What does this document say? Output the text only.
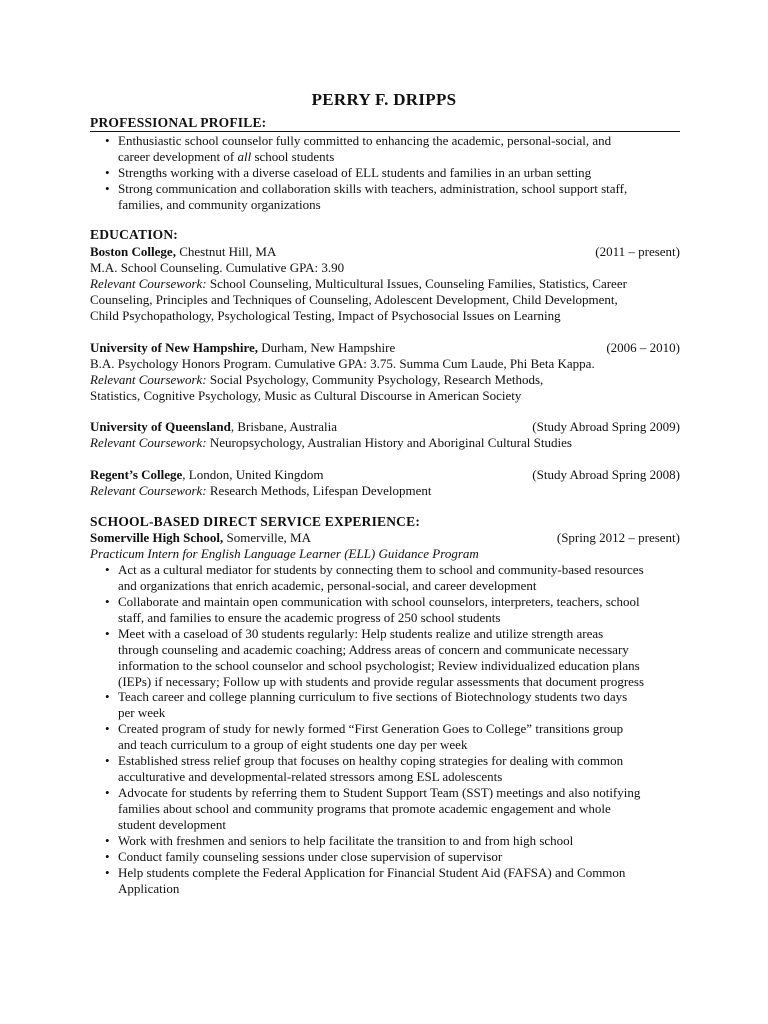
PERRY F. DRIPPS
PROFESSIONAL PROFILE:
• Enthusiastic school counselor fully committed to enhancing the academic, personal-social, and
career development of all school students
• Strengths working with a diverse caseload of ELL students and families in an urban setting
• Strong communication and collaboration skills with teachers, administration, school support staff,
families, and community organizations
EDUCATION:
Boston College, Chestnut Hill, MA	(2011 – present)
M.A. School Counseling. Cumulative GPA: 3.90
Relevant Coursework: School Counseling, Multicultural Issues, Counseling Families, Statistics, Career
Counseling, Principles and Techniques of Counseling, Adolescent Development, Child Development,
Child Psychopathology, Psychological Testing, Impact of Psychosocial Issues on Learning
University of New Hampshire, Durham, New Hampshire	(2006 – 2010)
B.A. Psychology Honors Program. Cumulative GPA: 3.75. Summa Cum Laude, Phi Beta Kappa.
Relevant Coursework: Social Psychology, Community Psychology, Research Methods,
Statistics, Cognitive Psychology, Music as Cultural Discourse in American Society
University of Queensland, Brisbane, Australia	(Study Abroad Spring 2009)
Relevant Coursework: Neuropsychology, Australian History and Aboriginal Cultural Studies
Regent’s College, London, United Kingdom	(Study Abroad Spring 2008)
Relevant Coursework: Research Methods, Lifespan Development
SCHOOL-BASED DIRECT SERVICE EXPERIENCE:
Somerville High School, Somerville, MA	(Spring 2012 – present)
Practicum Intern for English Language Learner (ELL) Guidance Program
• Act as a cultural mediator for students by connecting them to school and community-based resources
and organizations that enrich academic, personal-social, and career development
• Collaborate and maintain open communication with school counselors, interpreters, teachers, school
staff, and families to ensure the academic progress of 250 school students
• Meet with a caseload of 30 students regularly: Help students realize and utilize strength areas
through counseling and academic coaching; Address areas of concern and communicate necessary
information to the school counselor and school psychologist; Review individualized education plans
(IEPs) if necessary; Follow up with students and provide regular assessments that document progress
• Teach career and college planning curriculum to five sections of Biotechnology students two days
per week
• Created program of study for newly formed “First Generation Goes to College” transitions group
and teach curriculum to a group of eight students one day per week
• Established stress relief group that focuses on healthy coping strategies for dealing with common
acculturative and developmental-related stressors among ESL adolescents
• Advocate for students by referring them to Student Support Team (SST) meetings and also notifying
families about school and community programs that promote academic engagement and whole
student development
• Work with freshmen and seniors to help facilitate the transition to and from high school
• Conduct family counseling sessions under close supervision of supervisor
• Help students complete the Federal Application for Financial Student Aid (FAFSA) and Common
Application
